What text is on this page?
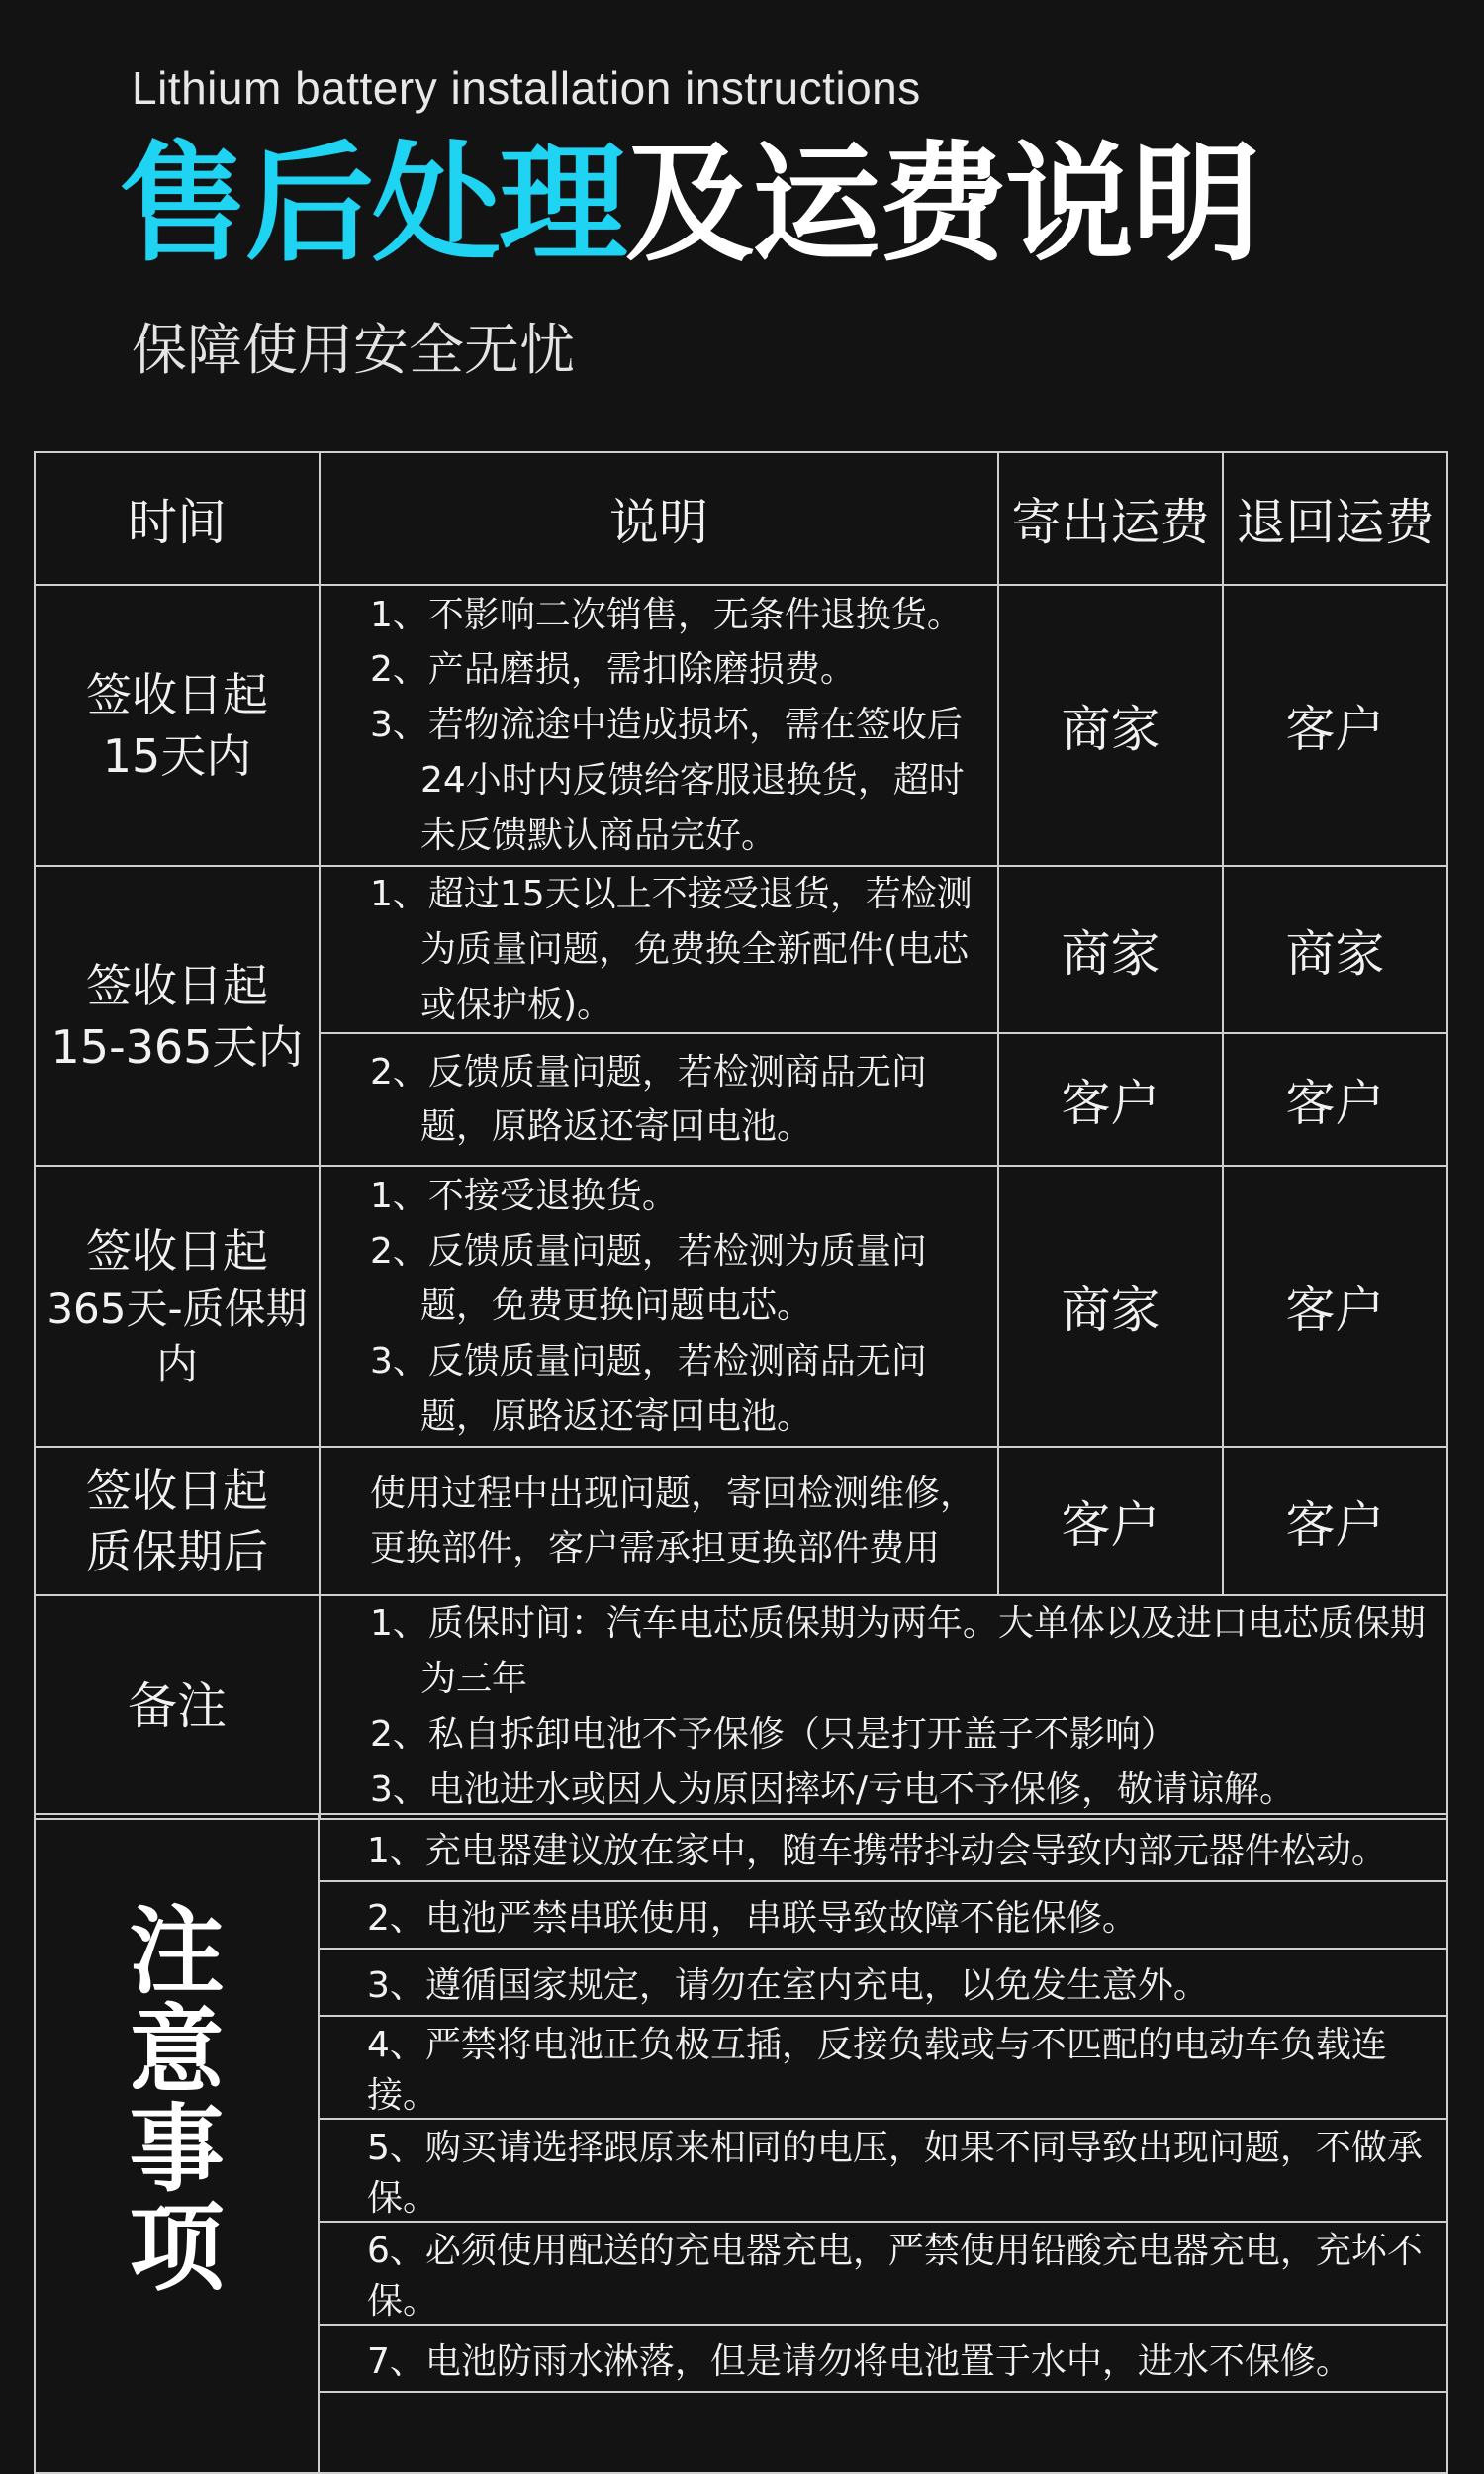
Lithium battery installation instructions
售后处理及运费说明
保障使用安全无忧
时间	说明	寄出运费	退回运费

签收日起
15天内	1、不影响二次销售，无条件退换货。
2、产品磨损，需扣除磨损费。
3、若物流途中造成损坏，需在签收后24小时内反馈给客服退换货，超时未反馈默认商品完好。	商家	客户

签收日起
15-365天内	1、超过15天以上不接受退货，若检测为质量问题，免费换全新配件(电芯或保护板)。	商家	商家

	2、反馈质量问题，若检测商品无问题，原路返还寄回电池。	客户	客户

签收日起
365天-质保期内	1、不接受退换货。
2、反馈质量问题，若检测为质量问题，免费更换问题电芯。
3、反馈质量问题，若检测商品无问题，原路返还寄回电池。	商家	客户

签收日起
质保期后	使用过程中出现问题，寄回检测维修，更换部件，客户需承担更换部件费用	客户	客户
备注	1、质保时间：汽车电芯质保期为两年。大单体以及进口电芯质保期为三年
2、私自拆卸电池不予保修（只是打开盖子不影响）
3、电池进水或因人为原因摔坏/亏电不予保修，敬请谅解。		
注
意
事
项
	1、充电器建议放在家中，随车携带抖动会导致内部元器件松动。
2、电池严禁串联使用，串联导致故障不能保修。
3、遵循国家规定，请勿在室内充电，以免发生意外。
4、严禁将电池正负极互插，反接负载或与不匹配的电动车负载连接。
5、购买请选择跟原来相同的电压，如果不同导致出现问题，不做承保。
6、必须使用配送的充电器充电，严禁使用铅酸充电器充电，充坏不保。
7、电池防雨水淋落，但是请勿将电池置于水中，进水不保修。
